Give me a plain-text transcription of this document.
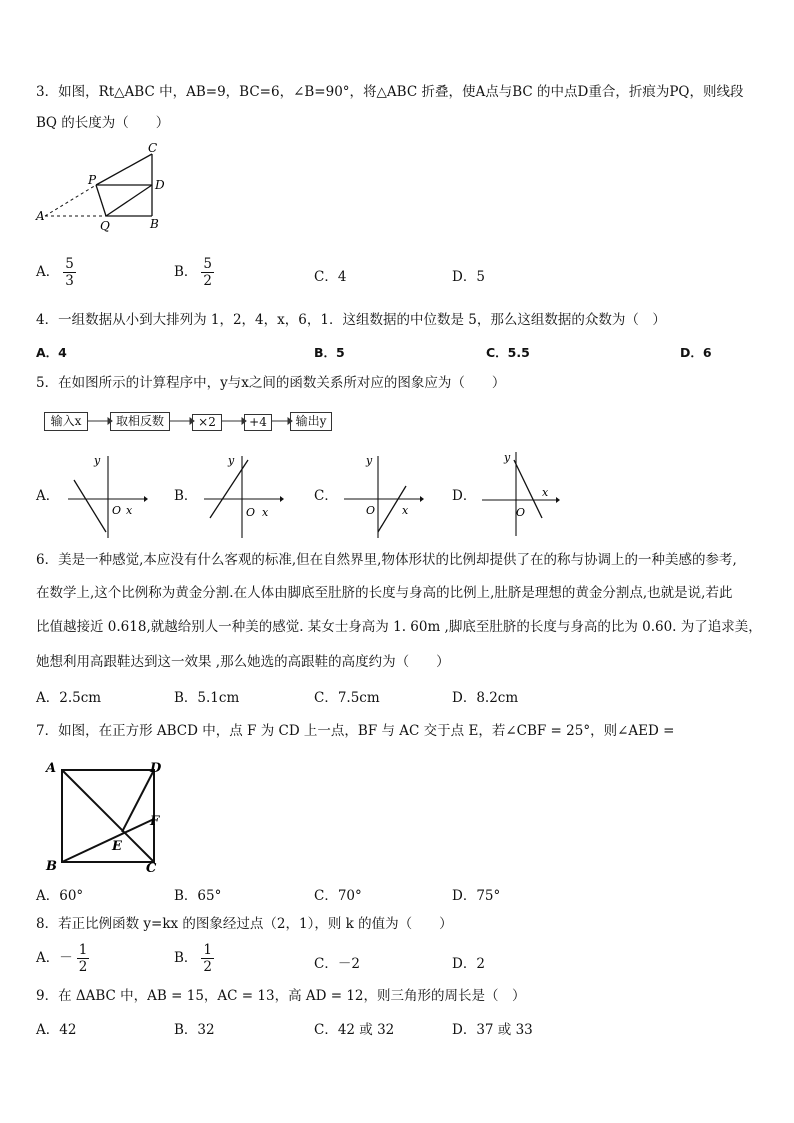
3．如图，Rt△ABC 中，AB=9，BC=6，∠B=90°，将△ABC 折叠，使A点与BC 的中点D重合，折痕为PQ，则线段
BQ 的长度为（　　）
C
P	D
A
Q	B
A． $\frac{5}{3}$	B． $\frac{5}{2}$	C．4	D．5
4．一组数据从小到大排列为 1，2，4，x，6，1．这组数据的中位数是 5，那么这组数据的众数为（　）
A．4	B．5	C．5.5	D．6
5．在如图所示的计算程序中，y与x之间的函数关系所对应的图象应为（　　）
输入x	取相反数	×2	+4	输出y
A．
y
O x
B．
y
O x
C．
y
O x
D．
y
O
x
6．美是一种感觉,本应没有什么客观的标准,但在自然界里,物体形状的比例却提供了在的称与协调上的一种美感的参考,
在数学上,这个比例称为黄金分割.在人体由脚底至肚脐的长度与身高的比例上,肚脐是理想的黄金分割点,也就是说,若此
比值越接近 0.618,就越给别人一种美的感觉. 某女士身高为 1. 60m ,脚底至肚脐的长度与身高的比为 0.60. 为了追求美，
她想利用高跟鞋达到这一效果 ,那么她选的高跟鞋的高度约为（　　）
A．2.5cm	B．5.1cm	C．7.5cm	D．8.2cm
7．如图，在正方形 ABCD 中，点 F 为 CD 上一点，BF 与 AC 交于点 E，若∠CBF = 25°，则∠AED =
A	D
F
E
B	C
A．60°	B．65°	C．70°	D．75°
8．若正比例函数 y=kx 的图象经过点（2，1），则 k 的值为（　　）
A．－ $\frac{1}{2}$	B． $\frac{1}{2}$	C．－2	D．2
9．在 ΔABC 中，AB = 15，AC = 13，高 AD = 12，则三角形的周长是（　）
A．42	B．32	C．42 或 32	D．37 或 33
